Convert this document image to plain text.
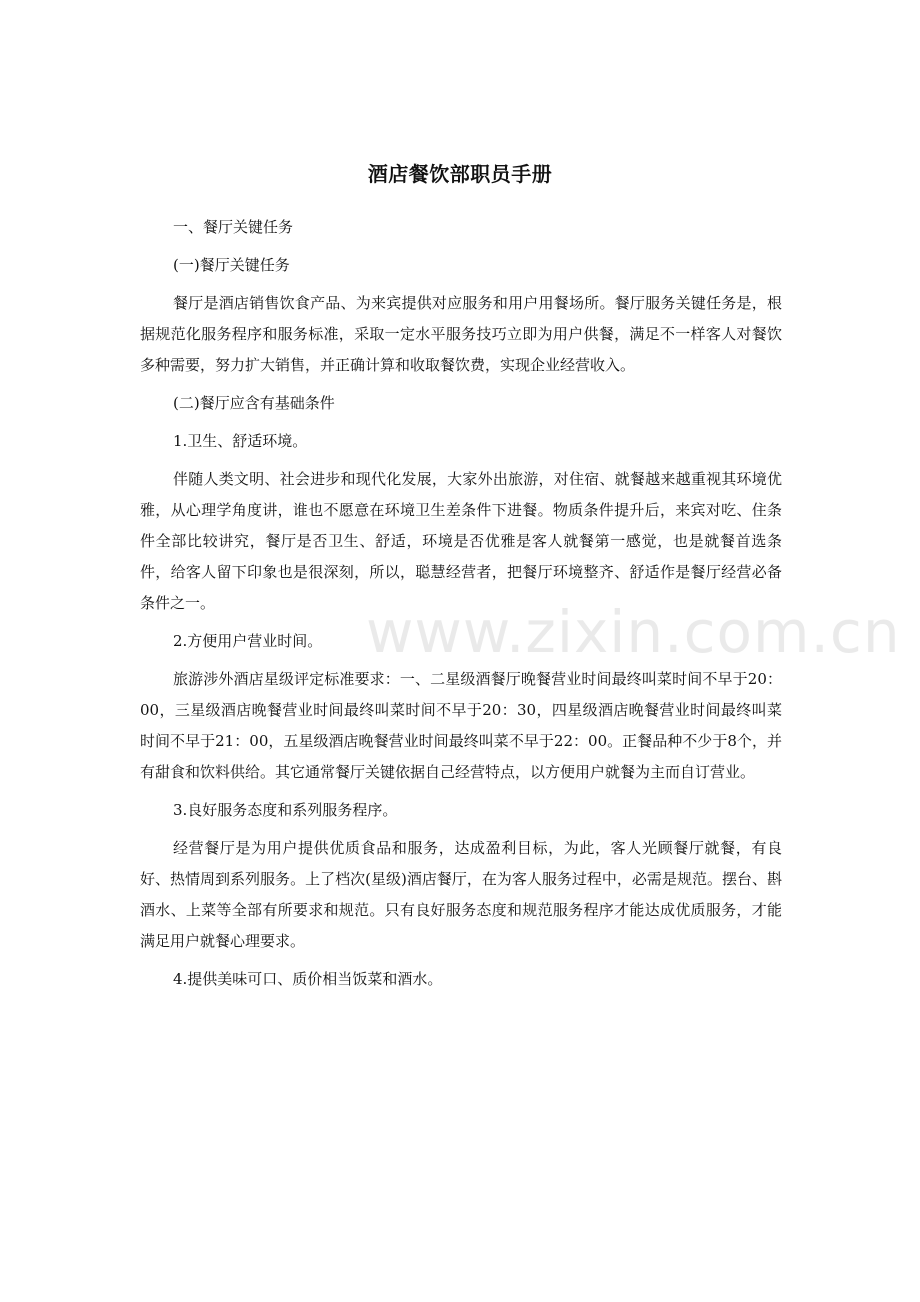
酒店餐饮部职员手册

一、餐厅关键任务

(一)餐厅关键任务

餐厅是酒店销售饮食产品、为来宾提供对应服务和用户用餐场所。餐厅服务关键任务是，根据规范化服务程序和服务标准，采取一定水平服务技巧立即为用户供餐，满足不一样客人对餐饮多种需要，努力扩大销售，并正确计算和收取餐饮费，实现企业经营收入。

(二)餐厅应含有基础条件

1.卫生、舒适环境。

伴随人类文明、社会进步和现代化发展，大家外出旅游，对住宿、就餐越来越重视其环境优雅，从心理学角度讲，谁也不愿意在环境卫生差条件下进餐。物质条件提升后，来宾对吃、住条件全部比较讲究，餐厅是否卫生、舒适，环境是否优雅是客人就餐第一感觉，也是就餐首选条件，给客人留下印象也是很深刻，所以，聪慧经营者，把餐厅环境整齐、舒适作是餐厅经营必备条件之一。

2.方便用户营业时间。

旅游涉外酒店星级评定标准要求：一、二星级酒餐厅晚餐营业时间最终叫菜时间不早于20：00，三星级酒店晚餐营业时间最终叫菜时间不早于20：30，四星级酒店晚餐营业时间最终叫菜时间不早于21：00，五星级酒店晚餐营业时间最终叫菜不早于22：00。正餐品种不少于8个，并有甜食和饮料供给。其它通常餐厅关键依据自己经营特点，以方便用户就餐为主而自订营业。

3.良好服务态度和系列服务程序。

经营餐厅是为用户提供优质食品和服务，达成盈利目标，为此，客人光顾餐厅就餐，有良好、热情周到系列服务。上了档次(星级)酒店餐厅，在为客人服务过程中，必需是规范。摆台、斟酒水、上菜等全部有所要求和规范。只有良好服务态度和规范服务程序才能达成优质服务，才能满足用户就餐心理要求。

4.提供美味可口、质价相当饭菜和酒水。

www.zixin.com.cn
